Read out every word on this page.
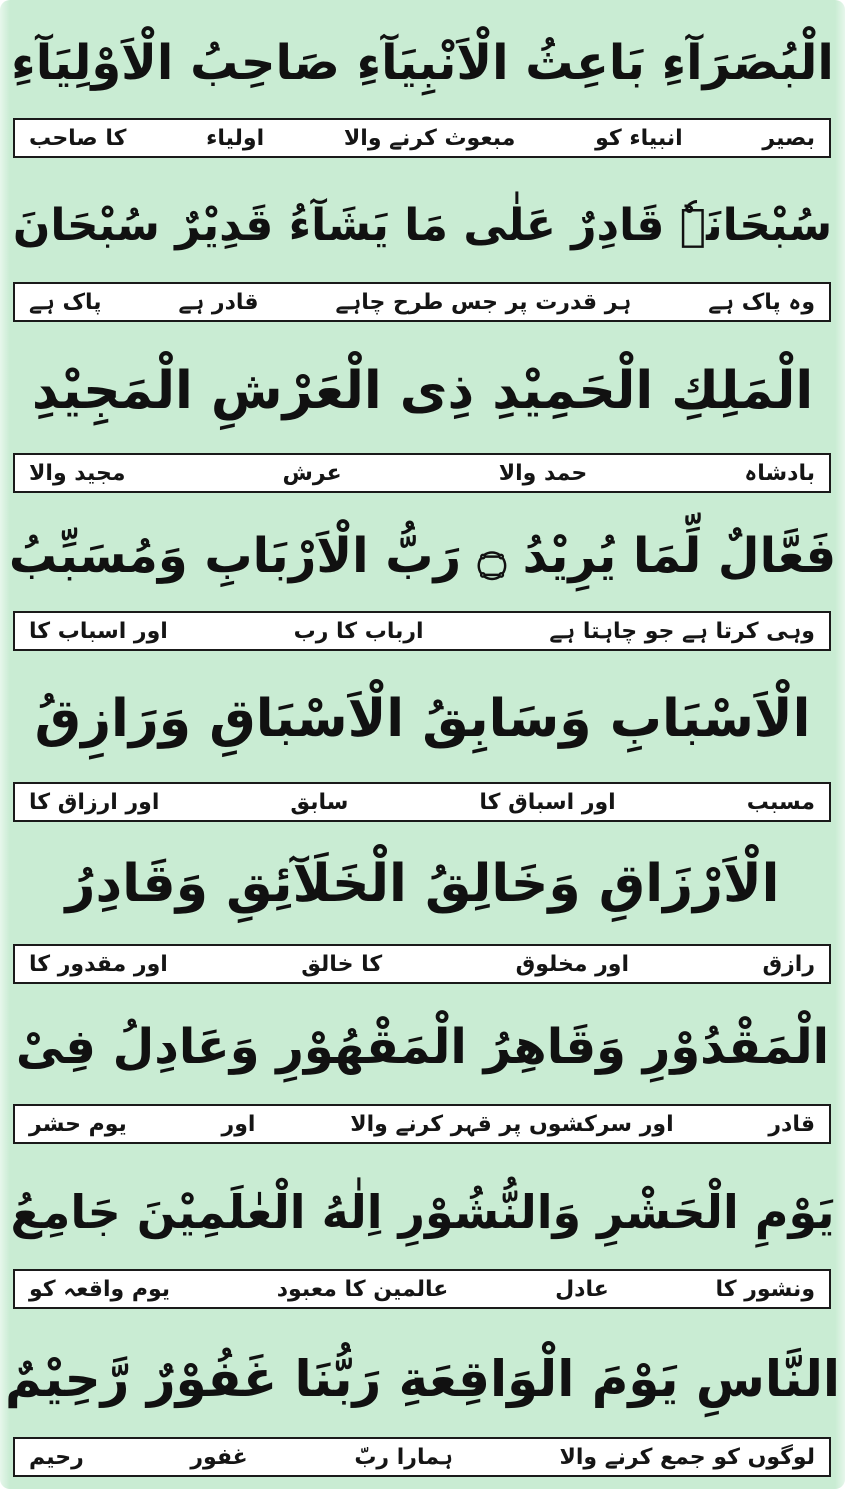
الْبُصَرَآءِ بَاعِثُ الْاَنْبِیَآءِ صَاحِبُ الْاَوْلِیَآءِ
بصیر
انبیاء کو
مبعوث کرنے والا
اولیاء
کا صاحب
سُبْحَانَہٗ قَادِرٌ عَلٰی مَا یَشَآءُ قَدِیْرٌ سُبْحَانَ
وہ پاک ہے
ہر قدرت پر جس طرح چاہے
قادر ہے
پاک ہے
الْمَلِكِ الْحَمِیْدِ ذِی الْعَرْشِ الْمَجِیْدِ
بادشاہ
حمد والا
عرش
مجید والا
فَعَّالٌ لِّمَا یُرِیْدُ ۝ رَبُّ الْاَرْبَابِ وَمُسَبِّبُ
وہی کرتا ہے جو چاہتا ہے
ارباب کا رب
اور اسباب کا
الْاَسْبَابِ وَسَابِقُ الْاَسْبَاقِ وَرَازِقُ
مسبب
اور اسباق کا
سابق
اور ارزاق کا
الْاَرْزَاقِ وَخَالِقُ الْخَلَآئِقِ وَقَادِرُ
رازق
اور مخلوق
کا خالق
اور مقدور کا
الْمَقْدُوْرِ وَقَاهِرُ الْمَقْهُوْرِ وَعَادِلُ فِیْ
قادر
اور سرکشوں پر قہر کرنے والا
اور
یوم حشر
یَوْمِ الْحَشْرِ وَالنُّشُوْرِ اِلٰهُ الْعٰلَمِیْنَ جَامِعُ
ونشور کا
عادل
عالمین کا معبود
یوم واقعہ کو
النَّاسِ یَوْمَ الْوَاقِعَةِ رَبُّنَا غَفُوْرٌ رَّحِیْمٌ
لوگوں کو جمع کرنے والا
ہمارا ربّ
غفور
رحیم
